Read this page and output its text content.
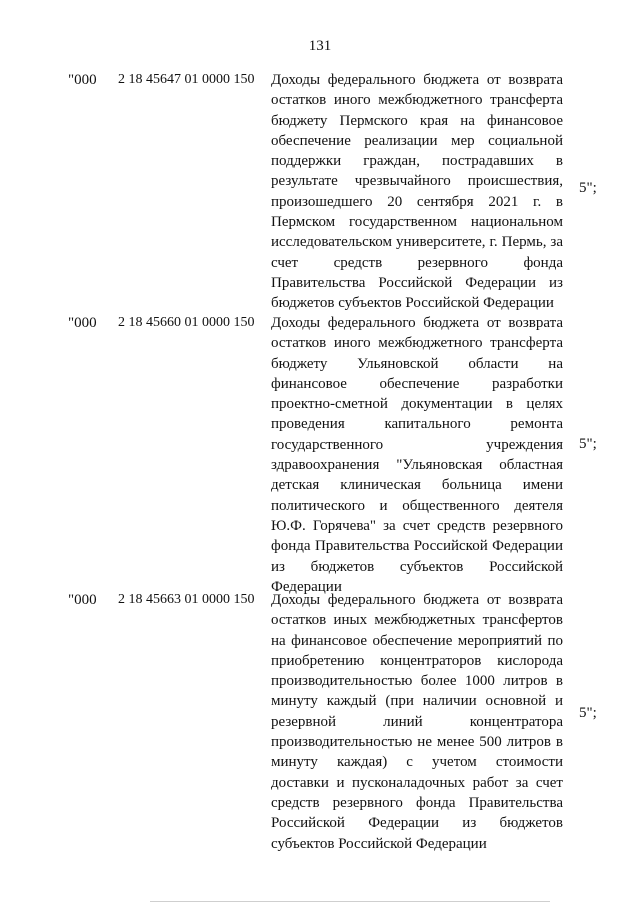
131
"000 2 18 45647 01 0000 150 Доходы федерального бюджета от возврата остатков иного межбюджетного трансферта бюджету Пермского края на финансовое обеспечение реализации мер социальной поддержки граждан, пострадавших в результате чрезвычайного происшествия, произошедшего 20 сентября 2021 г. в Пермском государственном национальном исследовательском университете, г. Пермь, за счет средств резервного фонда Правительства Российской Федерации из бюджетов субъектов Российской Федерации
5";
"000 2 18 45660 01 0000 150 Доходы федерального бюджета от возврата остатков иного межбюджетного трансферта бюджету Ульяновской области на финансовое обеспечение разработки проектно-сметной документации в целях проведения капитального ремонта государственного учреждения здравоохранения "Ульяновская областная детская клиническая больница имени политического и общественного деятеля Ю.Ф. Горячева" за счет средств резервного фонда Правительства Российской Федерации из бюджетов субъектов Российской Федерации
5";
"000 2 18 45663 01 0000 150 Доходы федерального бюджета от возврата остатков иных межбюджетных трансфертов на финансовое обеспечение мероприятий по приобретению концентраторов кислорода производительностью более 1000 литров в минуту каждый (при наличии основной и резервной линий концентратора производительностью не менее 500 литров в минуту каждая) с учетом стоимости доставки и пусконаладочных работ за счет средств резервного фонда Правительства Российской Федерации из бюджетов субъектов Российской Федерации
5";
